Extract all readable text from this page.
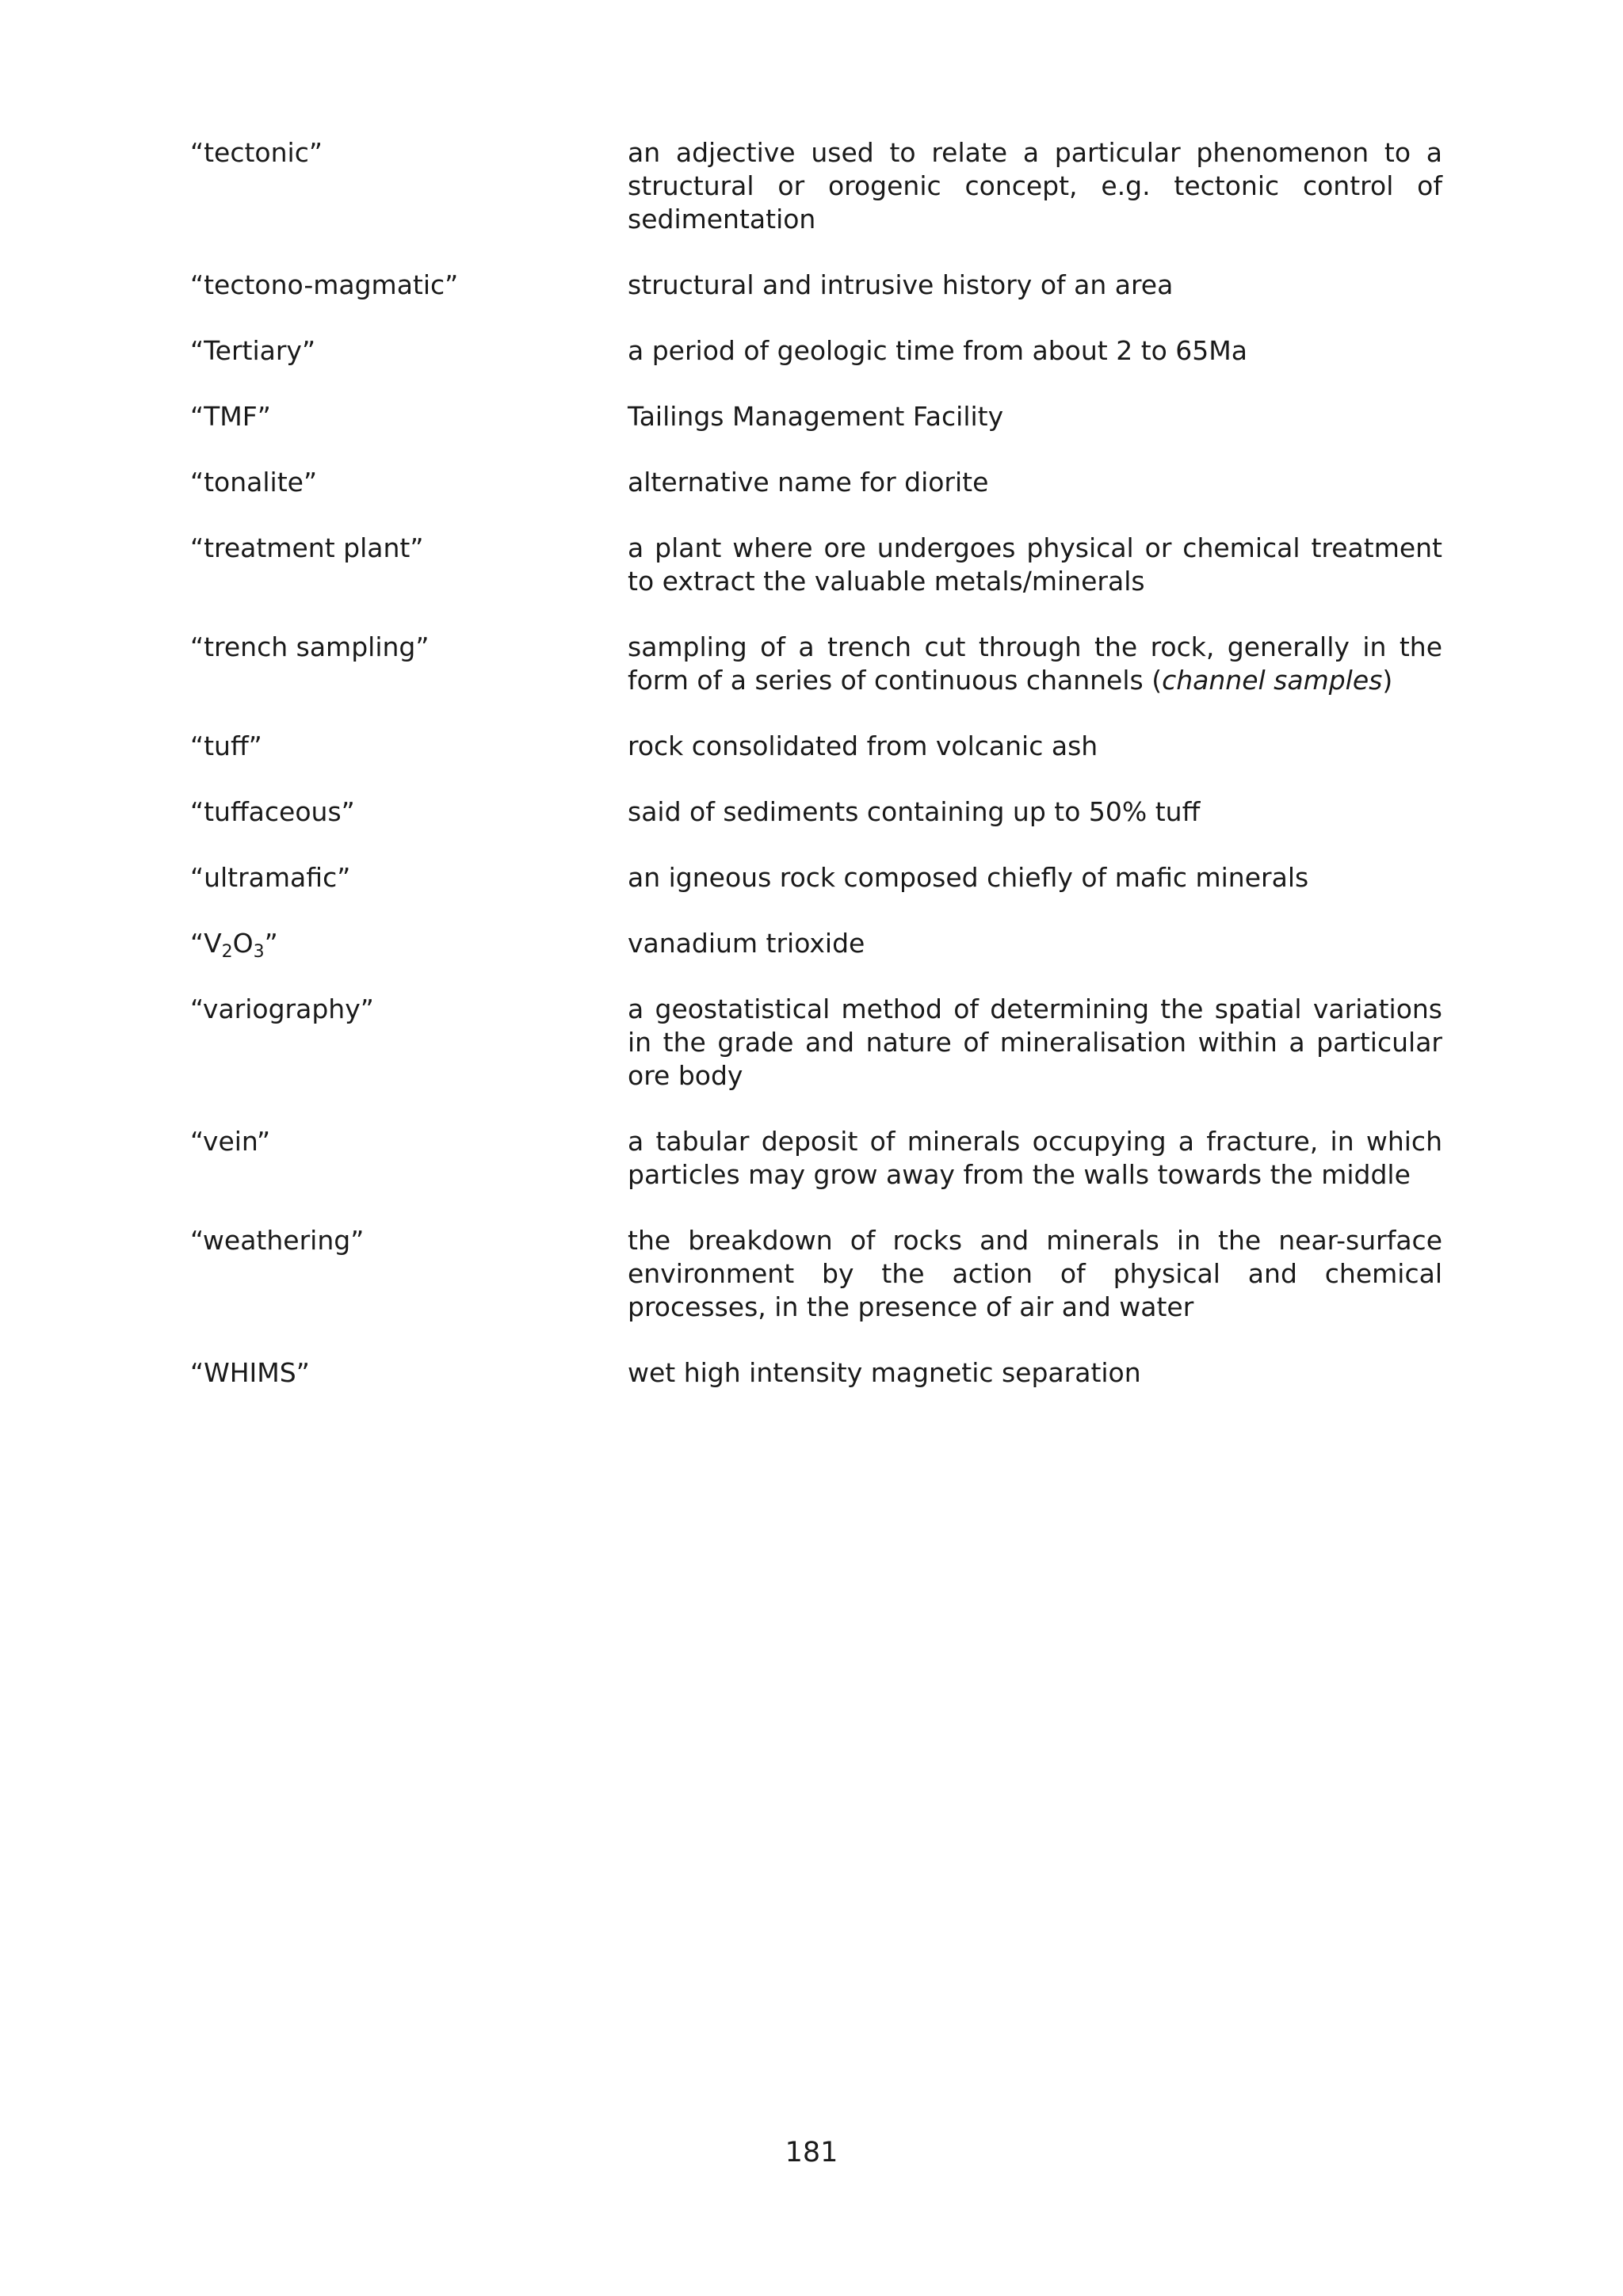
“tectonic”	an adjective used to relate a particular phenomenon to a structural or orogenic concept, e.g. tectonic control of sedimentation
“tectono-magmatic”	structural and intrusive history of an area
“Tertiary”	a period of geologic time from about 2 to 65Ma
“TMF”	Tailings Management Facility
“tonalite”	alternative name for diorite
“treatment plant”	a plant where ore undergoes physical or chemical treatment to extract the valuable metals/minerals
“trench sampling”	sampling of a trench cut through the rock, generally in the form of a series of continuous channels (channel samples)
“tuff”	rock consolidated from volcanic ash
“tuffaceous”	said of sediments containing up to 50% tuff
“ultramafic”	an igneous rock composed chiefly of mafic minerals
“$V_2O_3$”	vanadium trioxide
“variography”	a geostatistical method of determining the spatial variations in the grade and nature of mineralisation within a particular ore body
“vein”	a tabular deposit of minerals occupying a fracture, in which particles may grow away from the walls towards the middle
“weathering”	the breakdown of rocks and minerals in the near-surface environment by the action of physical and chemical processes, in the presence of air and water
“WHIMS”	wet high intensity magnetic separation
181
